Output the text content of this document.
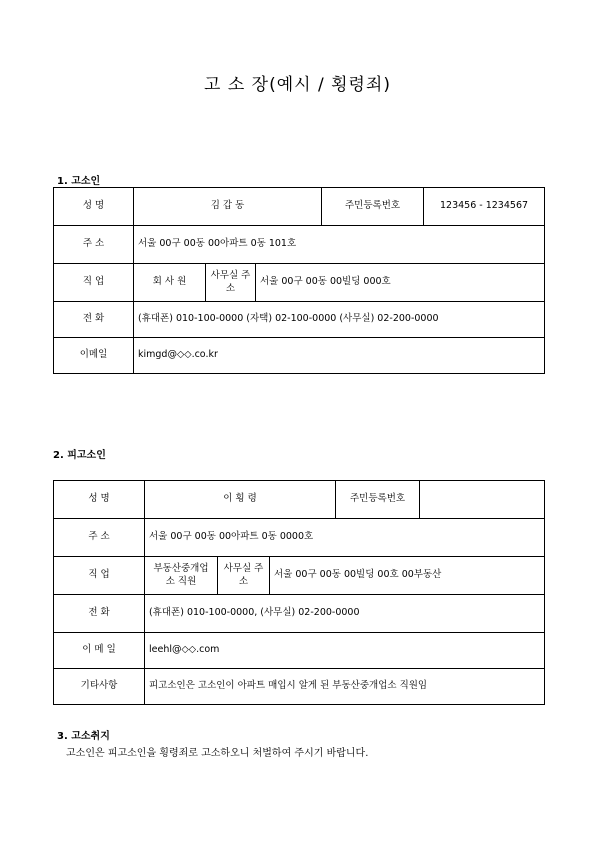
고 소 장(예시 / 횡령죄)
1. 고소인
성 명	김 갑 동			주민등록번호	123456 - 1234567
주 소	서울 00구 00동 00아파트 0동 101호				
직 업	회 사 원	사무실 주소	서울 00구 00동 00빌딩 000호		
전 화	(휴대폰) 010-100-0000 (자택) 02-100-0000 (사무실) 02-200-0000				
이메일	kimgd@◇◇.co.kr				
2. 피고소인
성 명	이 횡 령			주민등록번호	
주 소	서울 00구 00동 00아파트 0동 0000호				
직 업	부동산중개업소 직원	사무실 주소	서울 00구 00동 00빌딩 00호 00부동산		
전 화	(휴대폰) 010-100-0000, (사무실) 02-200-0000				
이 메 일	leehl@◇◇.com				
기타사항	피고소인은 고소인이 아파트 매입시 알게 된 부동산중개업소 직원임				
3. 고소취지
고소인은 피고소인을 횡령죄로 고소하오니 처벌하여 주시기 바랍니다.
